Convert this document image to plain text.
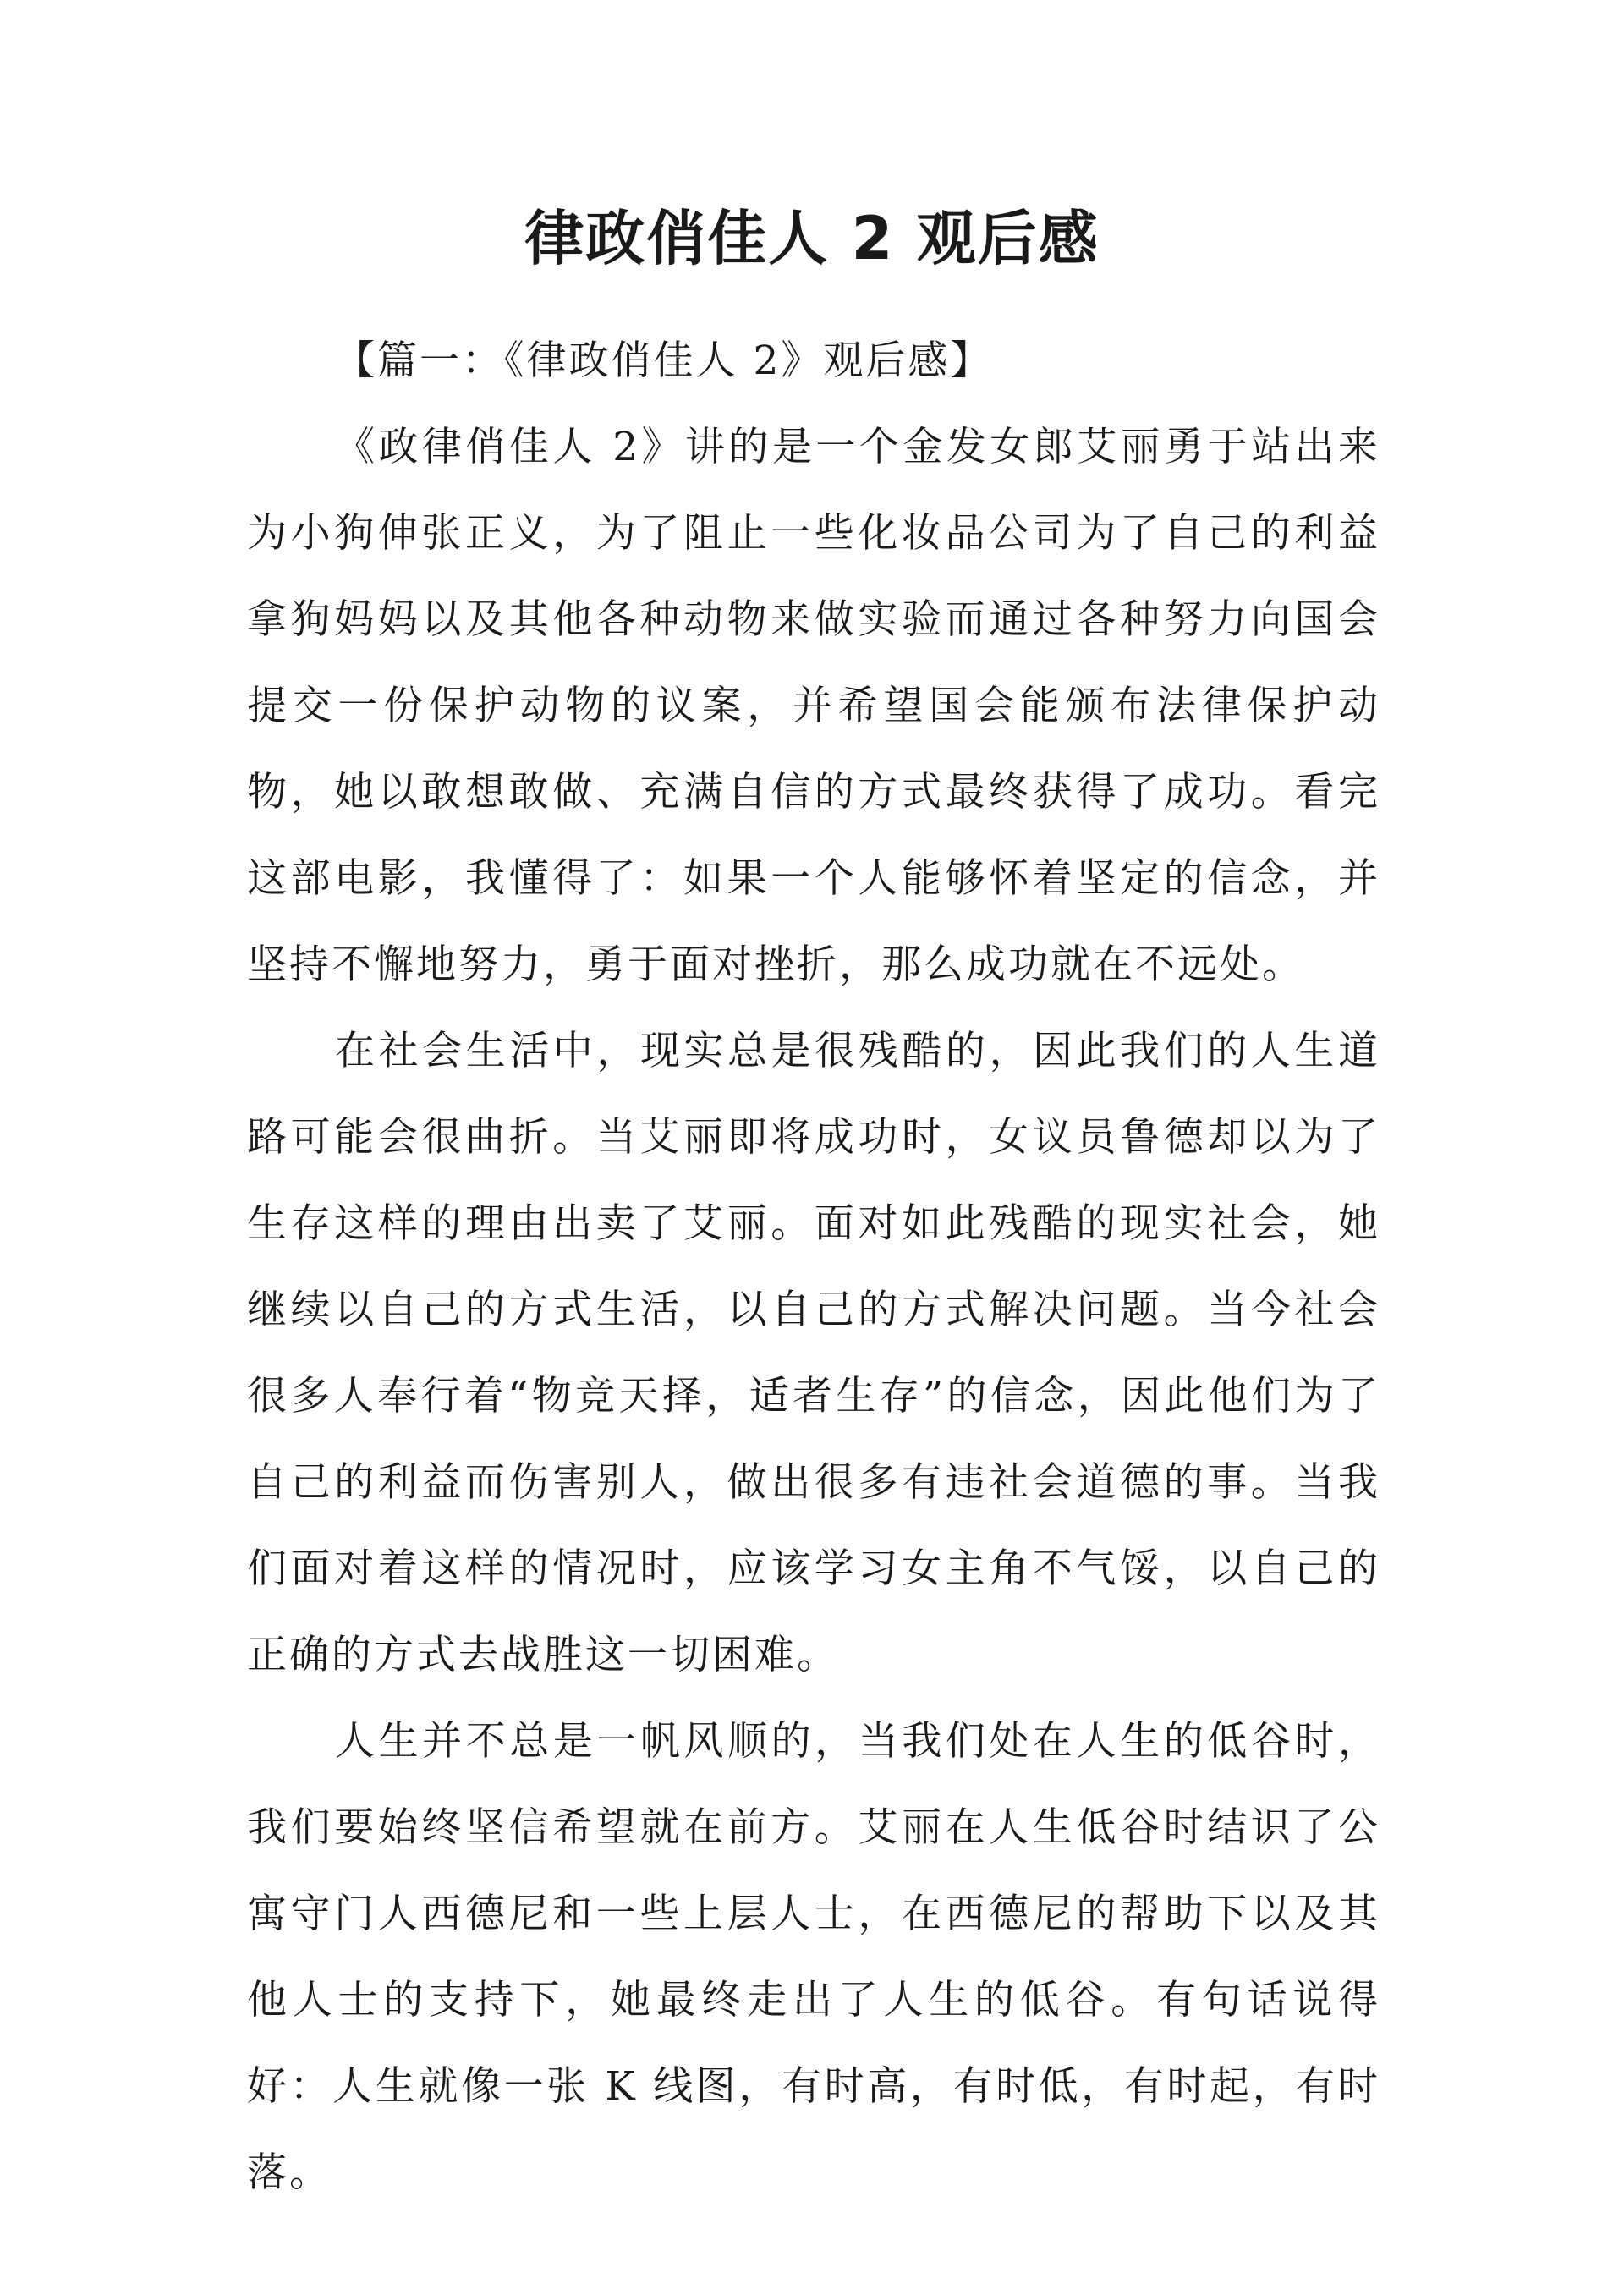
律政俏佳人 2 观后感

【篇一：《律政俏佳人 2》观后感】

《政律俏佳人 2》讲的是一个金发女郎艾丽勇于站出来为小狗伸张正义，为了阻止一些化妆品公司为了自己的利益拿狗妈妈以及其他各种动物来做实验而通过各种努力向国会提交一份保护动物的议案，并希望国会能颁布法律保护动物，她以敢想敢做、充满自信的方式最终获得了成功。看完这部电影，我懂得了：如果一个人能够怀着坚定的信念，并坚持不懈地努力，勇于面对挫折，那么成功就在不远处。

在社会生活中，现实总是很残酷的，因此我们的人生道路可能会很曲折。当艾丽即将成功时，女议员鲁德却以为了生存这样的理由出卖了艾丽。面对如此残酷的现实社会，她继续以自己的方式生活，以自己的方式解决问题。当今社会很多人奉行着“物竞天择，适者生存”的信念，因此他们为了自己的利益而伤害别人，做出很多有违社会道德的事。当我们面对着这样的情况时，应该学习女主角不气馁，以自己的正确的方式去战胜这一切困难。

人生并不总是一帆风顺的，当我们处在人生的低谷时，我们要始终坚信希望就在前方。艾丽在人生低谷时结识了公寓守门人西德尼和一些上层人士，在西德尼的帮助下以及其他人士的支持下，她最终走出了人生的低谷。有句话说得好：人生就像一张 K 线图，有时高，有时低，有时起，有时落。
